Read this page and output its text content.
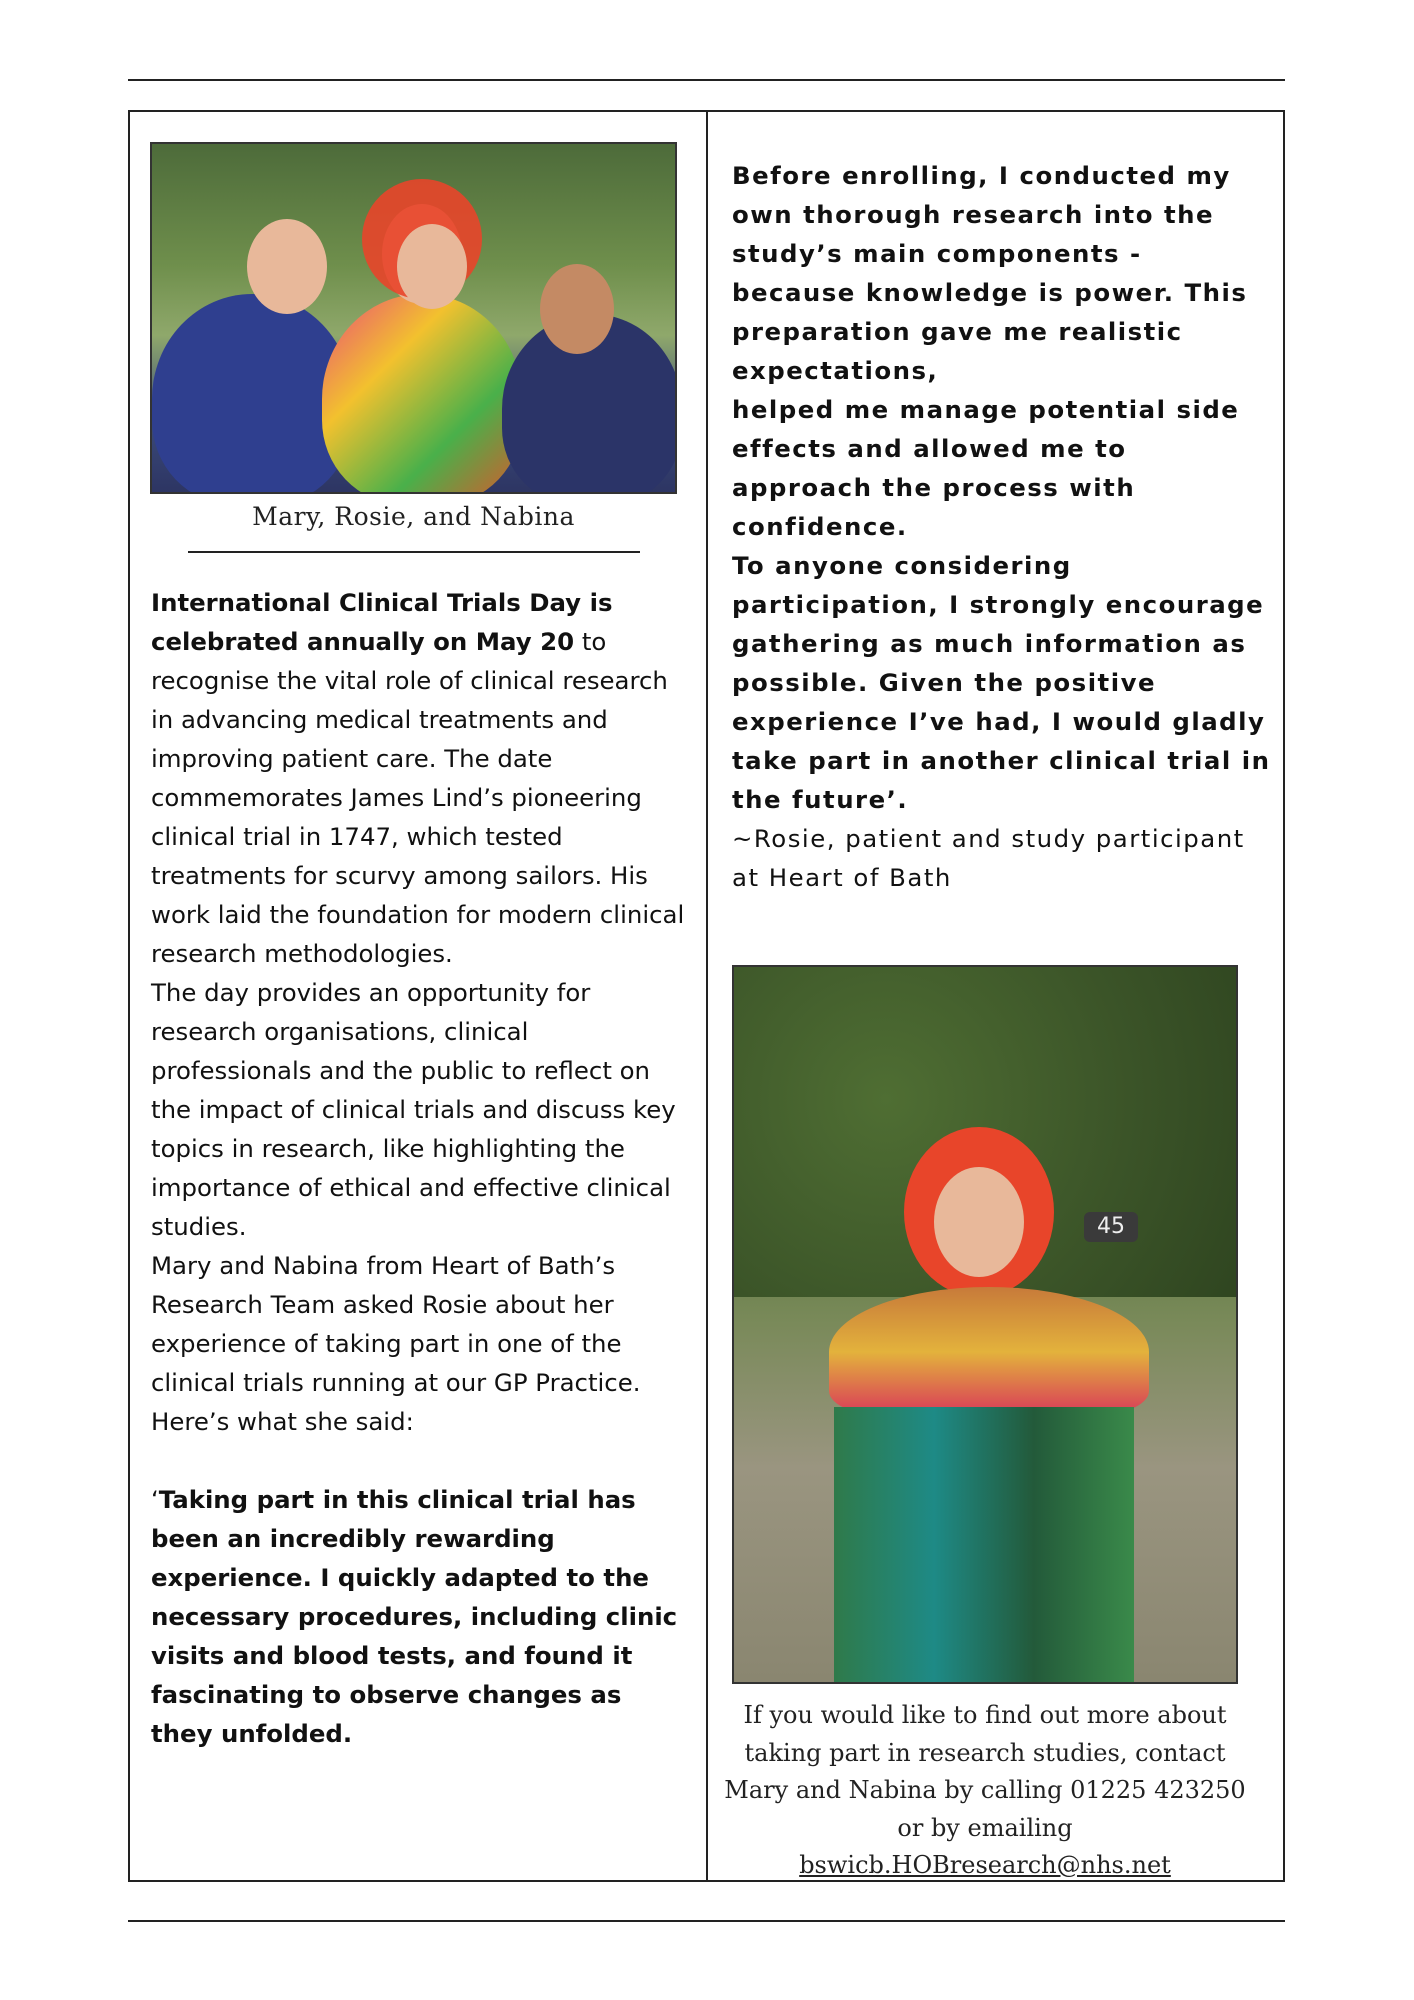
Mary, Rosie, and Nabina

International Clinical Trials Day is celebrated annually on May 20 to recognise the vital role of clinical research in advancing medical treatments and improving patient care. The date commemorates James Lind’s pioneering clinical trial in 1747, which tested treatments for scurvy among sailors. His work laid the foundation for modern clinical research methodologies.

The day provides an opportunity for research organisations, clinical professionals and the public to reflect on the impact of clinical trials and discuss key topics in research, like highlighting the importance of ethical and effective clinical studies.

Mary and Nabina from Heart of Bath’s Research Team asked Rosie about her experience of taking part in one of the clinical trials running at our GP Practice. Here’s what she said:

‘Taking part in this clinical trial has been an incredibly rewarding experience. I quickly adapted to the necessary procedures, including clinic visits and blood tests, and found it fascinating to observe changes as they unfolded.

Before enrolling, I conducted my own thorough research into the study’s main components - because knowledge is power. This preparation gave me realistic expectations,

helped me manage potential side effects and allowed me to approach the process with confidence.

To anyone considering participation, I strongly encourage gathering as much information as possible. Given the positive experience I’ve had, I would gladly take part in another clinical trial in the future’.

~Rosie, patient and study participant at Heart of Bath

45
If you would like to find out more about taking part in research studies, contact Mary and Nabina by calling 01225 423250 or by emailing
bswicb.HOBresearch@nhs.net
